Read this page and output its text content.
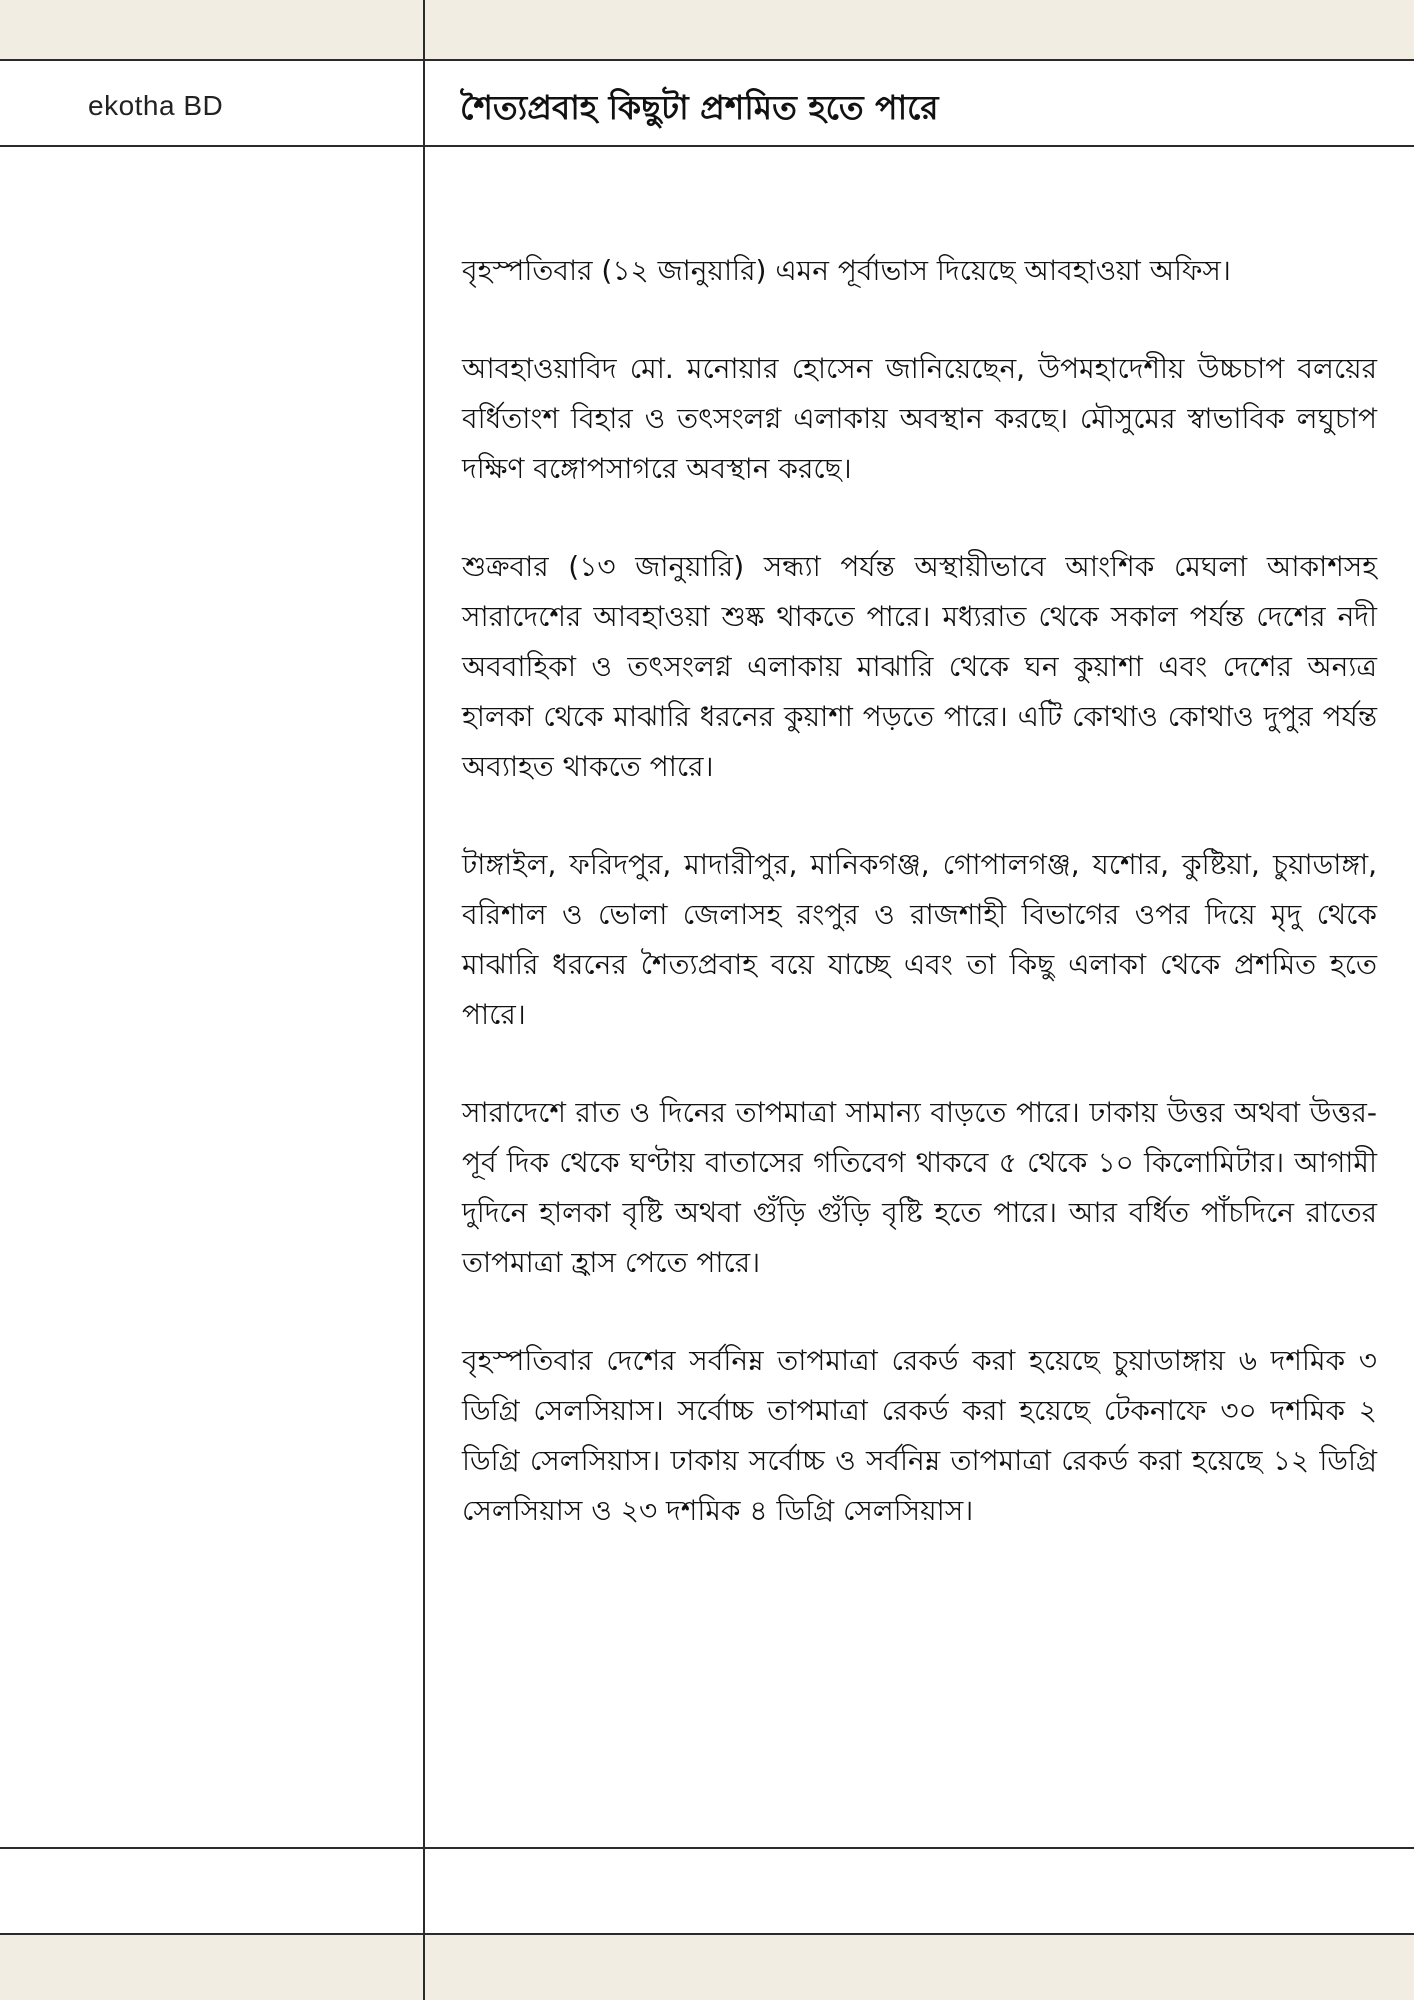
ekotha BD	শৈত্যপ্রবাহ কিছুটা প্রশমিত হতে পারে

বৃহস্পতিবার (১২ জানুয়ারি) এমন পূর্বাভাস দিয়েছে আবহাওয়া অফিস।

আবহাওয়াবিদ মো. মনোয়ার হোসেন জানিয়েছেন, উপমহাদেশীয় উচ্চচাপ বলয়ের বর্ধিতাংশ বিহার ও তৎসংলগ্ন এলাকায় অবস্থান করছে। মৌসুমের স্বাভাবিক লঘুচাপ দক্ষিণ বঙ্গোপসাগরে অবস্থান করছে।

শুক্রবার (১৩ জানুয়ারি) সন্ধ্যা পর্যন্ত অস্থায়ীভাবে আংশিক মেঘলা আকাশসহ সারাদেশের আবহাওয়া শুষ্ক থাকতে পারে। মধ্যরাত থেকে সকাল পর্যন্ত দেশের নদী অববাহিকা ও তৎসংলগ্ন এলাকায় মাঝারি থেকে ঘন কুয়াশা এবং দেশের অন্যত্র হালকা থেকে মাঝারি ধরনের কুয়াশা পড়তে পারে। এটি কোথাও কোথাও দুপুর পর্যন্ত অব্যাহত থাকতে পারে।

টাঙ্গাইল, ফরিদপুর, মাদারীপুর, মানিকগঞ্জ, গোপালগঞ্জ, যশোর, কুষ্টিয়া, চুয়াডাঙ্গা, বরিশাল ও ভোলা জেলাসহ রংপুর ও রাজশাহী বিভাগের ওপর দিয়ে মৃদু থেকে মাঝারি ধরনের শৈত্যপ্রবাহ বয়ে যাচ্ছে এবং তা কিছু এলাকা থেকে প্রশমিত হতে পারে।

সারাদেশে রাত ও দিনের তাপমাত্রা সামান্য বাড়তে পারে। ঢাকায় উত্তর অথবা উত্তর-পূর্ব দিক থেকে ঘণ্টায় বাতাসের গতিবেগ থাকবে ৫ থেকে ১০ কিলোমিটার। আগামী দুদিনে হালকা বৃষ্টি অথবা গুঁড়ি গুঁড়ি বৃষ্টি হতে পারে। আর বর্ধিত পাঁচদিনে রাতের তাপমাত্রা হ্রাস পেতে পারে।

বৃহস্পতিবার দেশের সর্বনিম্ন তাপমাত্রা রেকর্ড করা হয়েছে চুয়াডাঙ্গায় ৬ দশমিক ৩ ডিগ্রি সেলসিয়াস। সর্বোচ্চ তাপমাত্রা রেকর্ড করা হয়েছে টেকনাফে ৩০ দশমিক ২ ডিগ্রি সেলসিয়াস। ঢাকায় সর্বোচ্চ ও সর্বনিম্ন তাপমাত্রা রেকর্ড করা হয়েছে ১২ ডিগ্রি সেলসিয়াস ও ২৩ দশমিক ৪ ডিগ্রি সেলসিয়াস।
